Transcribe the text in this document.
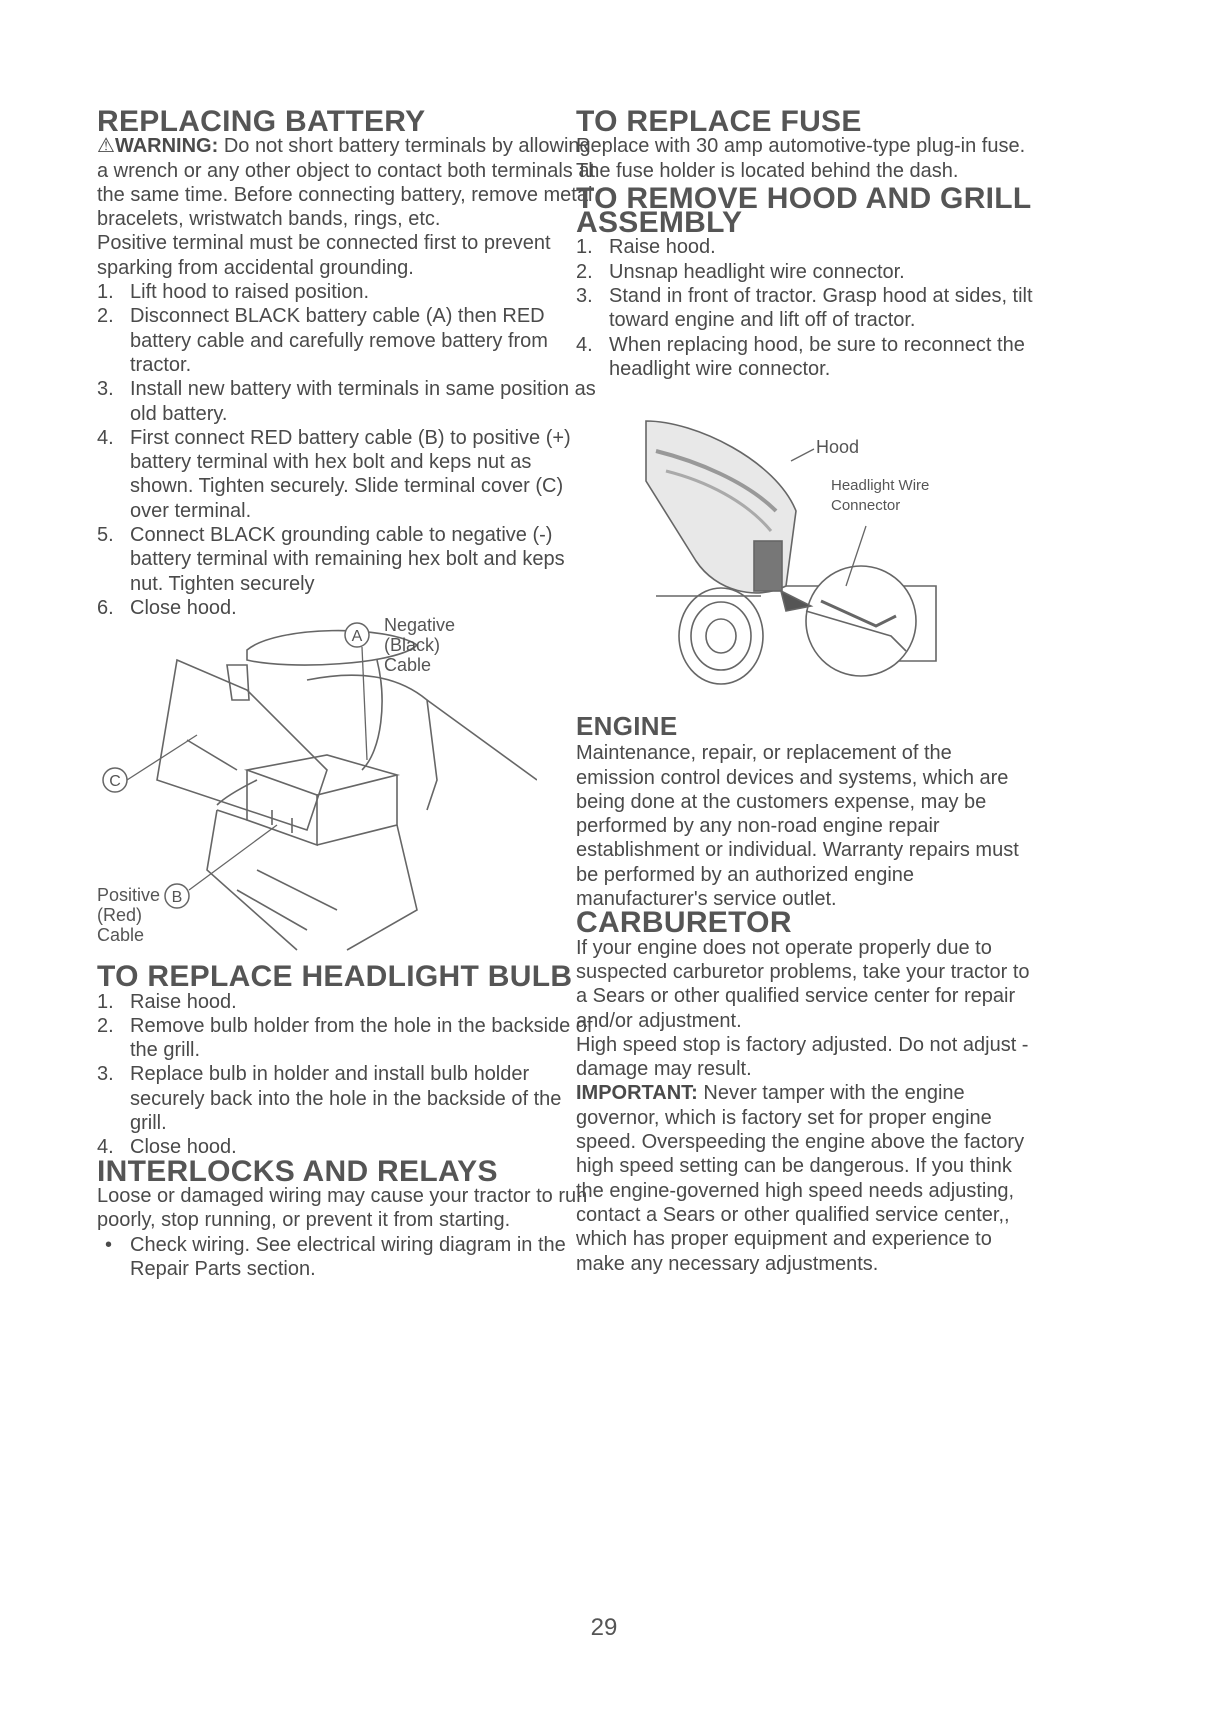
REPLACING BATTERY

⚠WARNING: Do not short battery terminals by allowing a wrench or any other object to contact both terminals at the same time. Before connecting battery, remove metal bracelets, wristwatch bands, rings, etc.

Positive terminal must be connected first to prevent sparking from accidental grounding.

1. Lift hood to raised position.
2. Disconnect BLACK battery cable (A) then RED battery cable and carefully remove battery from tractor.
3. Install new battery with terminals in same position as old battery.
4. First connect RED battery cable (B) to positive (+) battery terminal with hex bolt and keps nut as shown. Tighten securely. Slide terminal cover (C) over terminal.
5. Connect BLACK grounding cable to negative (-) battery terminal with remaining hex bolt and keps nut. Tighten securely
6. Close hood.
A
C
B
Negative
(Black)
Cable
Positive
(Red)
Cable
TO REPLACE HEADLIGHT BULB
1. Raise hood.
2. Remove bulb holder from the hole in the backside of the grill.
3. Replace bulb in holder and install bulb holder securely back into the hole in the backside of the grill.
4. Close hood.
INTERLOCKS AND RELAYS

Loose or damaged wiring may cause your tractor to run poorly, stop running, or prevent it from starting.

• Check wiring. See electrical wiring diagram in the Repair Parts section.
TO REPLACE FUSE

Replace with 30 amp automotive-type plug-in fuse. The fuse holder is located behind the dash.

TO REMOVE HOOD AND GRILL ASSEMBLY
1. Raise hood.
2. Unsnap headlight wire connector.
3. Stand in front of tractor. Grasp hood at sides, tilt toward engine and lift off of tractor.
4. When replacing hood, be sure to reconnect the headlight wire connector.
Hood
Headlight Wire
Connector
ENGINE

Maintenance, repair, or replacement of the emission control devices and systems, which are being done at the customers expense, may be performed by any non-road engine repair establishment or individual. Warranty repairs must be performed by an authorized engine manufacturer's service outlet.

CARBURETOR

If your engine does not operate properly due to suspected carburetor problems, take your tractor to a Sears or other qualified service center for repair and/or adjustment.

High speed stop is factory adjusted. Do not adjust - damage may result.

IMPORTANT: Never tamper with the engine governor, which is factory set for proper engine speed. Overspeeding the engine above the factory high speed setting can be dangerous. If you think the engine-governed high speed needs adjusting, contact a Sears or other qualified service center,, which has proper equipment and experience to make any necessary adjustments.

29
